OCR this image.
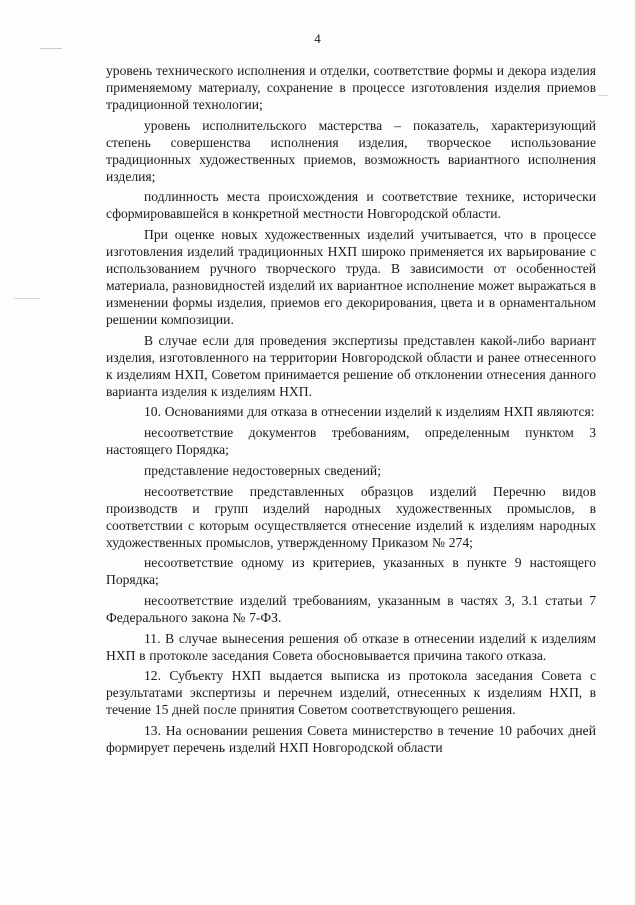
4

уровень технического исполнения и отделки, соответствие формы и декора изделия применяемому материалу, сохранение в процессе изготовления изделия приемов традиционной технологии;

уровень исполнительского мастерства – показатель, характеризующий степень совершенства исполнения изделия, творческое использование традиционных художественных приемов, возможность вариантного исполнения изделия;

подлинность места происхождения и соответствие технике, исторически сформировавшейся в конкретной местности Новгородской области.

При оценке новых художественных изделий учитывается, что в процессе изготовления изделий традиционных НХП широко применяется их варьирование с использованием ручного творческого труда. В зависимости от особенностей материала, разновидностей изделий их вариантное исполнение может выражаться в изменении формы изделия, приемов его декорирования, цвета и в орнаментальном решении композиции.

В случае если для проведения экспертизы представлен какой-либо вариант изделия, изготовленного на территории Новгородской области и ранее отнесенного к изделиям НХП, Советом принимается решение об отклонении отнесения данного варианта изделия к изделиям НХП.

10. Основаниями для отказа в отнесении изделий к изделиям НХП являются:

несоответствие документов требованиям, определенным пунктом 3 настоящего Порядка;

представление недостоверных сведений;

несоответствие представленных образцов изделий Перечню видов производств и групп изделий народных художественных промыслов, в соответствии с которым осуществляется отнесение изделий к изделиям народных художественных промыслов, утвержденному Приказом № 274;

несоответствие одному из критериев, указанных в пункте 9 настоящего Порядка;

несоответствие изделий требованиям, указанным в частях 3, 3.1 статьи 7 Федерального закона № 7-ФЗ.

11. В случае вынесения решения об отказе в отнесении изделий к изделиям НХП в протоколе заседания Совета обосновывается причина такого отказа.

12. Субъекту НХП выдается выписка из протокола заседания Совета с результатами экспертизы и перечнем изделий, отнесенных к изделиям НХП, в течение 15 дней после принятия Советом соответствующего решения.

13. На основании решения Совета министерство в течение 10 рабочих дней формирует перечень изделий НХП Новгородской области
